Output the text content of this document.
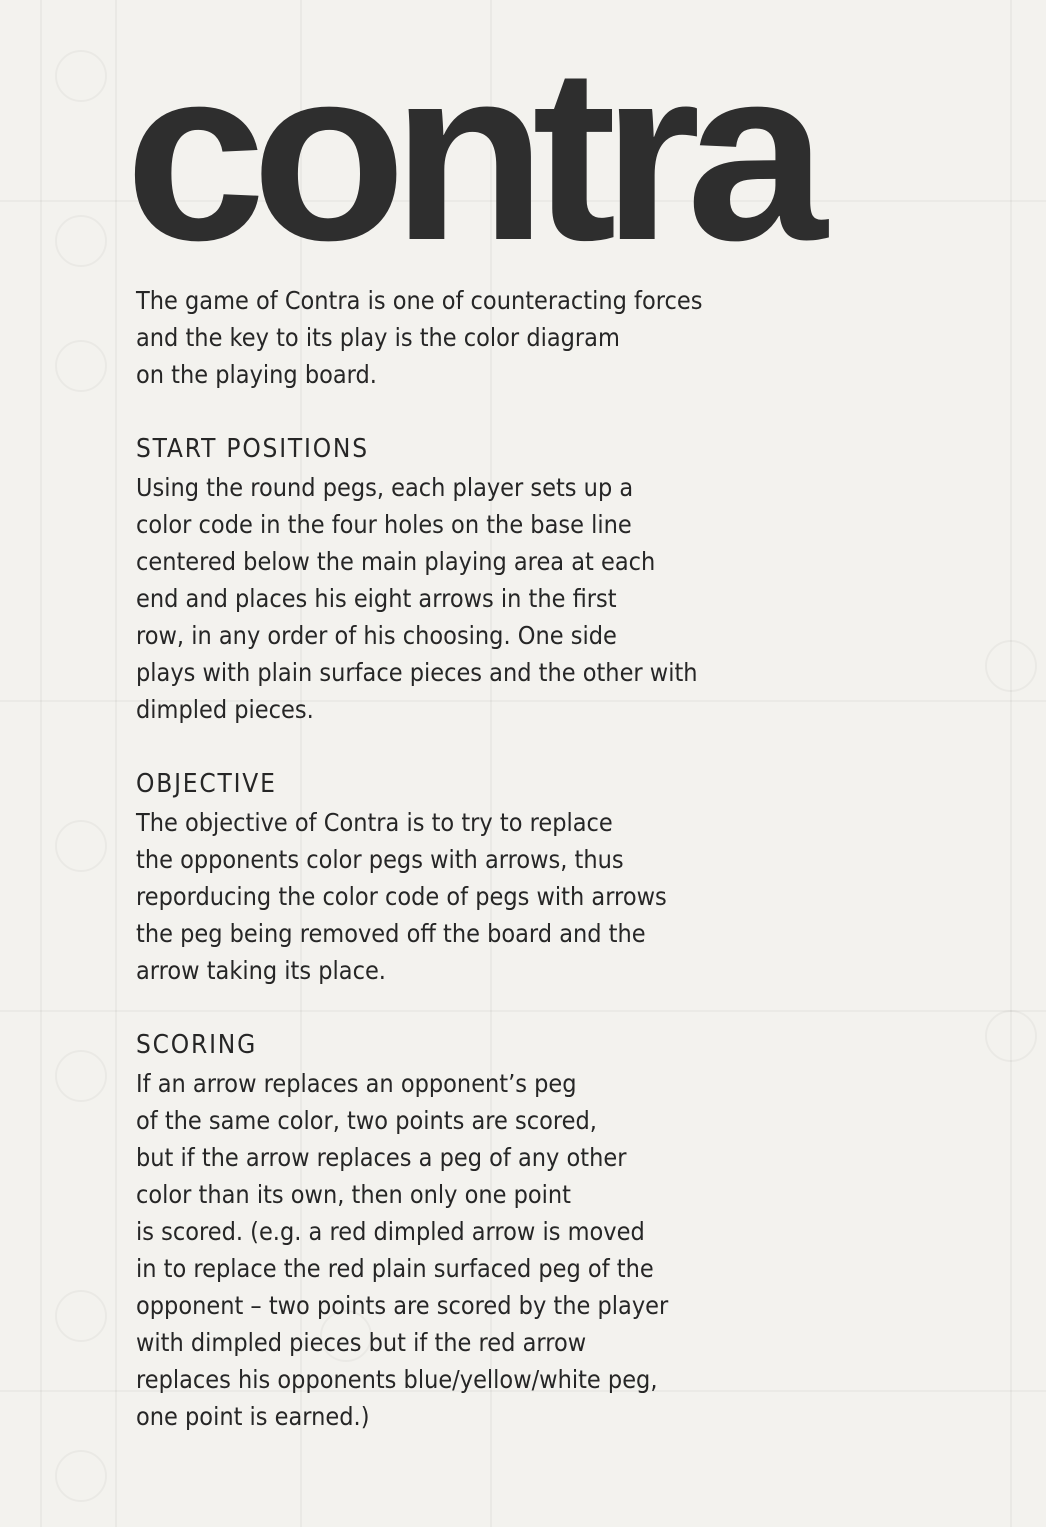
contra

The game of Contra is one of counteracting forces
and the key to its play is the color diagram
on the playing board.

START POSITIONS

Using the round pegs, each player sets up a
color code in the four holes on the base line
centered below the main playing area at each
end and places his eight arrows in the first
row, in any order of his choosing. One side
plays with plain surface pieces and the other with
dimpled pieces.

OBJECTIVE

The objective of Contra is to try to replace
the opponents color pegs with arrows, thus
reporducing the color code of pegs with arrows
the peg being removed off the board and the
arrow taking its place.

SCORING

If an arrow replaces an opponent’s peg
of the same color, two points are scored,
but if the arrow replaces a peg of any other
color than its own, then only one point
is scored. (e.g. a red dimpled arrow is moved
in to replace the red plain surfaced peg of the
opponent – two points are scored by the player
with dimpled pieces but if the red arrow
replaces his opponents blue/yellow/white peg,
one point is earned.)
